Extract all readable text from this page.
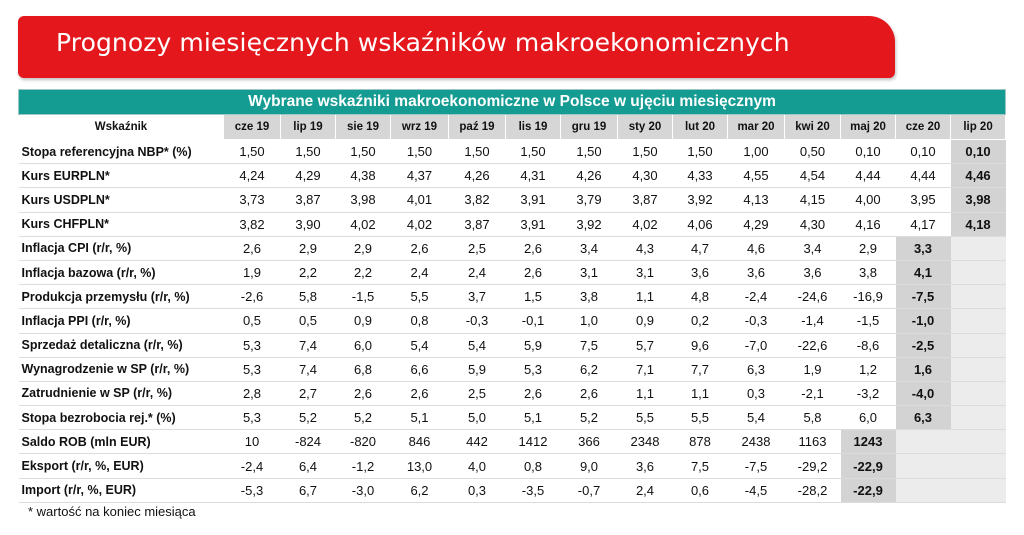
Prognozy miesięcznych wskaźników makroekonomicznych
Wybrane wskaźniki makroekonomiczne w Polsce w ujęciu miesięcznym														
Wskaźnik	cze 19	lip 19	sie 19	wrz 19	paź 19	lis 19	gru 19	sty 20	lut 20	mar 20	kwi 20	maj 20	cze 20	lip 20
Stopa referencyjna NBP* (%)	1,50	1,50	1,50	1,50	1,50	1,50	1,50	1,50	1,50	1,00	0,50	0,10	0,10	0,10
Kurs EURPLN*	4,24	4,29	4,38	4,37	4,26	4,31	4,26	4,30	4,33	4,55	4,54	4,44	4,44	4,46
Kurs USDPLN*	3,73	3,87	3,98	4,01	3,82	3,91	3,79	3,87	3,92	4,13	4,15	4,00	3,95	3,98
Kurs CHFPLN*	3,82	3,90	4,02	4,02	3,87	3,91	3,92	4,02	4,06	4,29	4,30	4,16	4,17	4,18
Inflacja CPI (r/r, %)	2,6	2,9	2,9	2,6	2,5	2,6	3,4	4,3	4,7	4,6	3,4	2,9	3,3	
Inflacja bazowa (r/r, %)	1,9	2,2	2,2	2,4	2,4	2,6	3,1	3,1	3,6	3,6	3,6	3,8	4,1	
Produkcja przemysłu (r/r, %)	-2,6	5,8	-1,5	5,5	3,7	1,5	3,8	1,1	4,8	-2,4	-24,6	-16,9	-7,5	
Inflacja PPI (r/r, %)	0,5	0,5	0,9	0,8	-0,3	-0,1	1,0	0,9	0,2	-0,3	-1,4	-1,5	-1,0	
Sprzedaż detaliczna (r/r, %)	5,3	7,4	6,0	5,4	5,4	5,9	7,5	5,7	9,6	-7,0	-22,6	-8,6	-2,5	
Wynagrodzenie w SP (r/r, %)	5,3	7,4	6,8	6,6	5,9	5,3	6,2	7,1	7,7	6,3	1,9	1,2	1,6	
Zatrudnienie w SP (r/r, %)	2,8	2,7	2,6	2,6	2,5	2,6	2,6	1,1	1,1	0,3	-2,1	-3,2	-4,0	
Stopa bezrobocia rej.* (%)	5,3	5,2	5,2	5,1	5,0	5,1	5,2	5,5	5,5	5,4	5,8	6,0	6,3	
Saldo ROB (mln EUR)	10	-824	-820	846	442	1412	366	2348	878	2438	1163	1243		
Eksport (r/r, %, EUR)	-2,4	6,4	-1,2	13,0	4,0	0,8	9,0	3,6	7,5	-7,5	-29,2	-22,9		
Import (r/r, %, EUR)	-5,3	6,7	-3,0	6,2	0,3	-3,5	-0,7	2,4	0,6	-4,5	-28,2	-22,9		
* wartość na koniec miesiąca
